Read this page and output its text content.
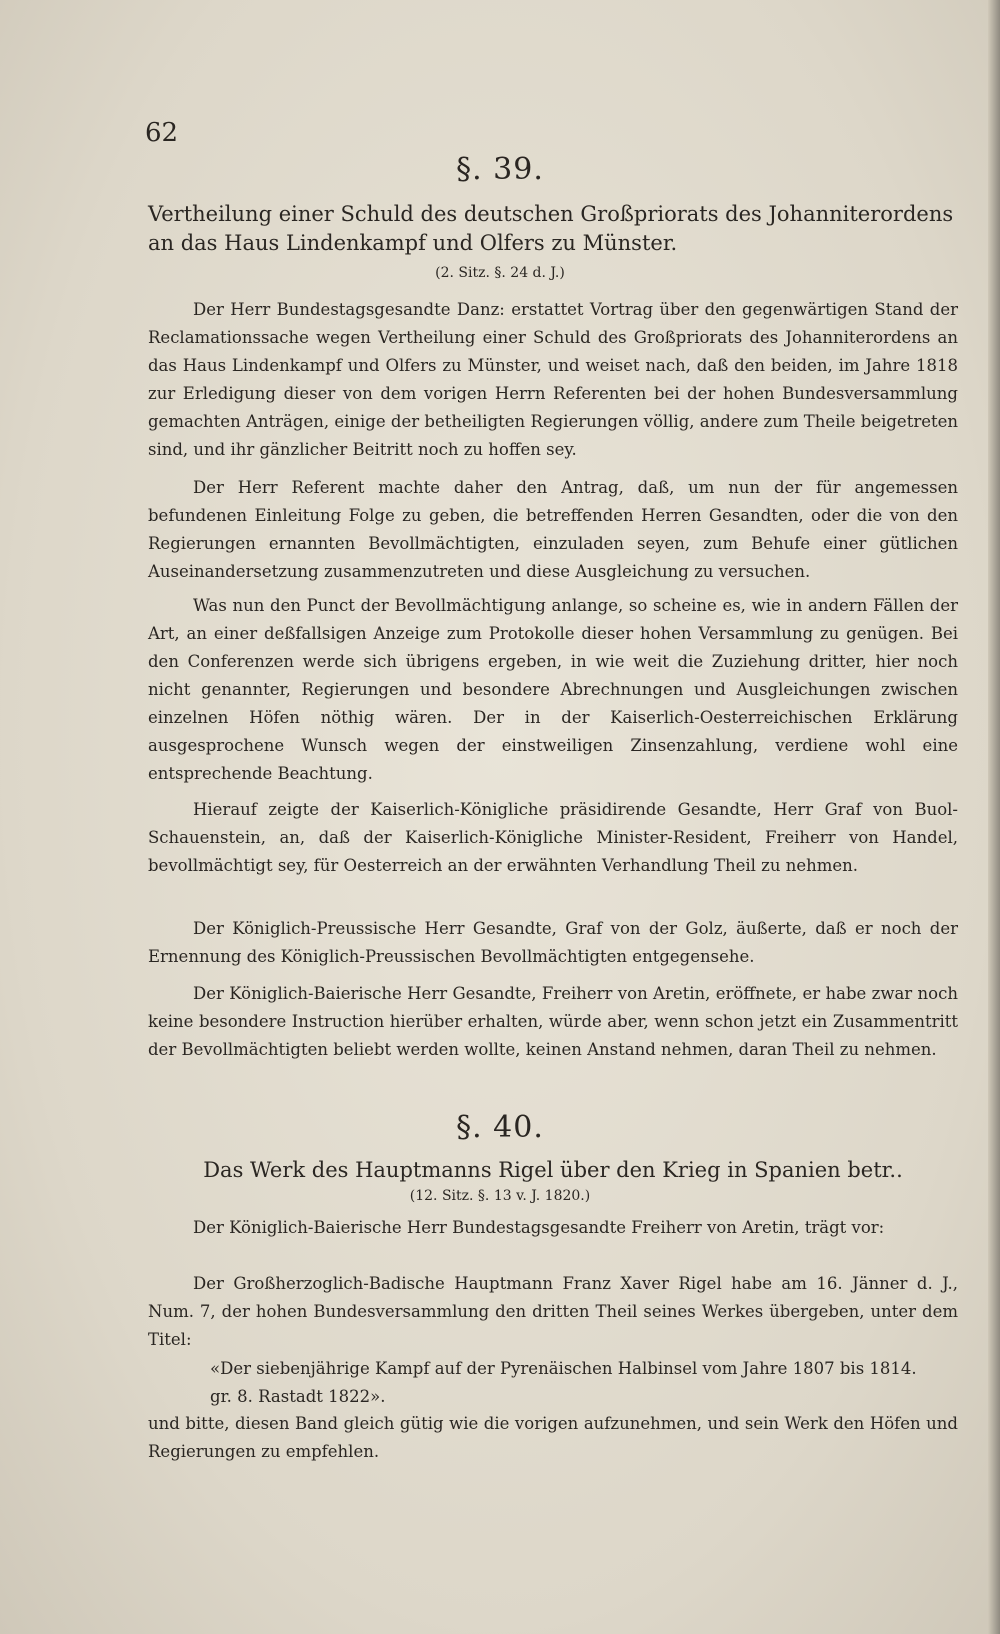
62
§. 39.
Vertheilung einer Schuld des deutschen Großpriorats des Johanniterordens an das Haus Lindenkampf und Olfers zu Münster.
(2. Sitz. §. 24 d. J.)

Der Herr Bundestagsgesandte Danz: erstattet Vortrag über den gegenwärtigen Stand der Reclamationssache wegen Vertheilung einer Schuld des Großpriorats des Johanniterordens an das Haus Lindenkampf und Olfers zu Münster, und weiset nach, daß den beiden, im Jahre 1818 zur Erledigung dieser von dem vorigen Herrn Referenten bei der hohen Bundesversammlung gemachten Anträgen, einige der betheiligten Regierungen völlig, andere zum Theile beigetreten sind, und ihr gänzlicher Beitritt noch zu hoffen sey.

Der Herr Referent machte daher den Antrag, daß, um nun der für angemessen befundenen Einleitung Folge zu geben, die betreffenden Herren Gesandten, oder die von den Regierungen ernannten Bevollmächtigten, einzuladen seyen, zum Behufe einer gütlichen Auseinandersetzung zusammenzutreten und diese Ausgleichung zu versuchen.

Was nun den Punct der Bevollmächtigung anlange, so scheine es, wie in andern Fällen der Art, an einer deßfallsigen Anzeige zum Protokolle dieser hohen Versammlung zu genügen. Bei den Conferenzen werde sich übrigens ergeben, in wie weit die Zuziehung dritter, hier noch nicht genannter, Regierungen und besondere Abrechnungen und Ausgleichungen zwischen einzelnen Höfen nöthig wären. Der in der Kaiserlich-Oesterreichischen Erklärung ausgesprochene Wunsch wegen der einstweiligen Zinsenzahlung, verdiene wohl eine entsprechende Beachtung.

Hierauf zeigte der Kaiserlich-Königliche präsidirende Gesandte, Herr Graf von Buol-Schauenstein, an, daß der Kaiserlich-Königliche Minister-Resident, Freiherr von Handel, bevollmächtigt sey, für Oesterreich an der erwähnten Verhandlung Theil zu nehmen.

Der Königlich-Preussische Herr Gesandte, Graf von der Golz, äußerte, daß er noch der Ernennung des Königlich-Preussischen Bevollmächtigten entgegensehe.

Der Königlich-Baierische Herr Gesandte, Freiherr von Aretin, eröffnete, er habe zwar noch keine besondere Instruction hierüber erhalten, würde aber, wenn schon jetzt ein Zusammentritt der Bevollmächtigten beliebt werden wollte, keinen Anstand nehmen, daran Theil zu nehmen.

§. 40.
Das Werk des Hauptmanns Rigel über den Krieg in Spanien betr..
(12. Sitz. §. 13 v. J. 1820.)

Der Königlich-Baierische Herr Bundestagsgesandte Freiherr von Aretin, trägt vor:

Der Großherzoglich-Badische Hauptmann Franz Xaver Rigel habe am 16. Jänner d. J., Num. 7, der hohen Bundesversammlung den dritten Theil seines Werkes übergeben, unter dem Titel:

«Der siebenjährige Kampf auf der Pyrenäischen Halbinsel vom Jahre 1807 bis 1814.

gr. 8. Rastadt 1822».

und bitte, diesen Band gleich gütig wie die vorigen aufzunehmen, und sein Werk den Höfen und Regierungen zu empfehlen.
